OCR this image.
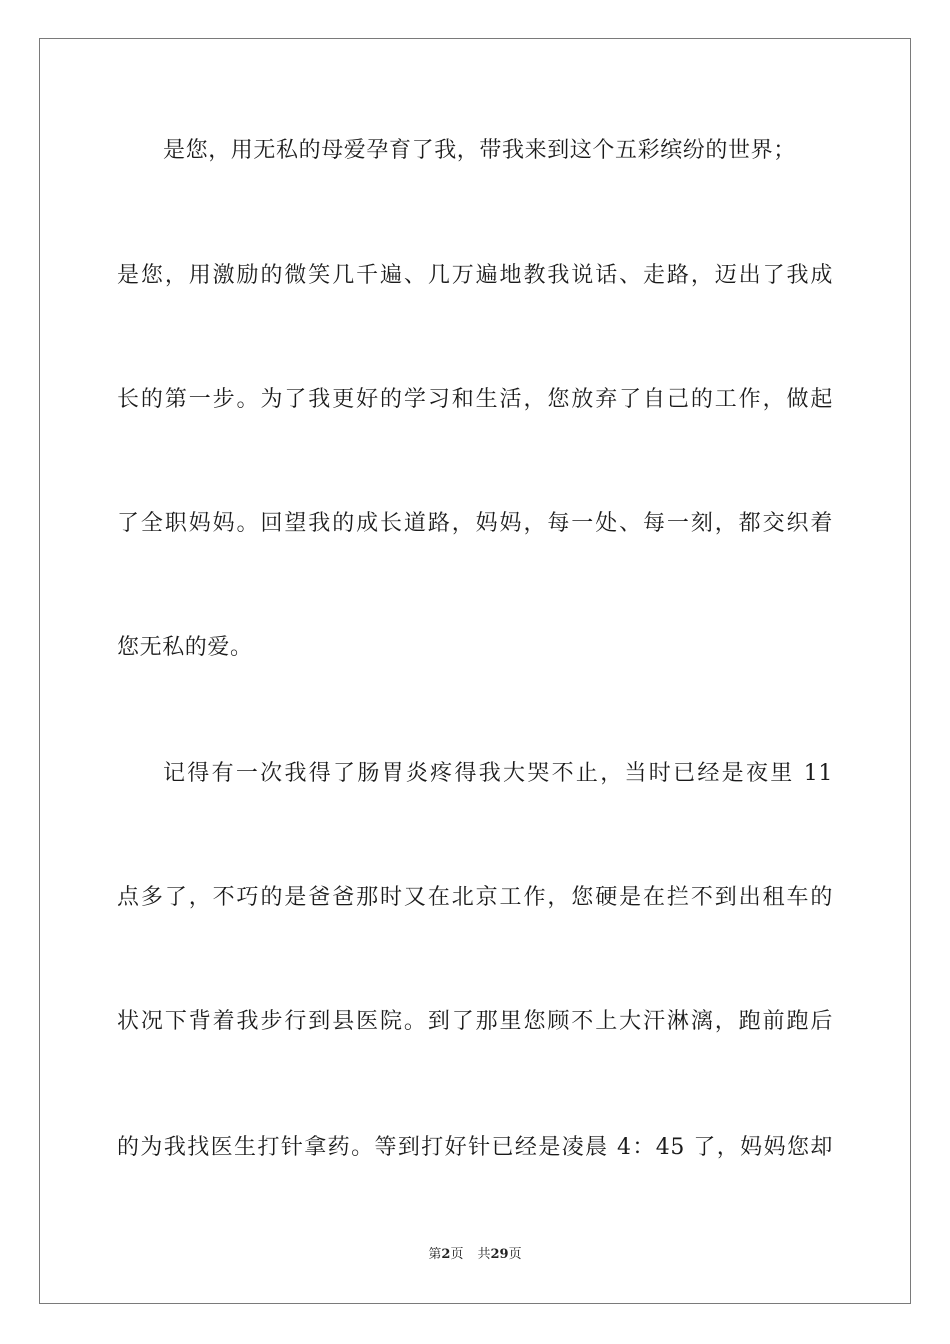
是您，用无私的母爱孕育了我，带我来到这个五彩缤纷的世界；
是您，用激励的微笑几千遍、几万遍地教我说话、走路，迈出了我成
长的第一步。为了我更好的学习和生活，您放弃了自己的工作，做起
了全职妈妈。回望我的成长道路，妈妈，每一处、每一刻，都交织着
您无私的爱。
记得有一次我得了肠胃炎疼得我大哭不止，当时已经是夜里 11
点多了，不巧的是爸爸那时又在北京工作，您硬是在拦不到出租车的
状况下背着我步行到县医院。到了那里您顾不上大汗淋漓，跑前跑后
的为我找医生打针拿药。等到打好针已经是凌晨 4：45 了，妈妈您却
第2页 共29页
